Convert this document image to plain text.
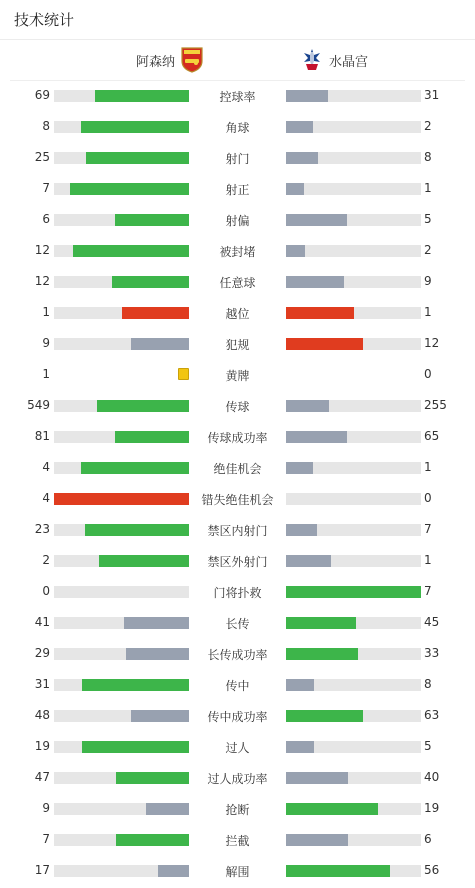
技术统计
阿森纳	水晶宫
69	控球率	31
8	角球	2
25	射门	8
7	射正	1
6	射偏	5
12	被封堵	2
12	任意球	9
1	越位	1
9	犯规	12
1	黄牌	0
549	传球	255
81	传球成功率	65
4	绝佳机会	1
4	错失绝佳机会	0
23	禁区内射门	7
2	禁区外射门	1
0	门将扑救	7
41	长传	45
29	长传成功率	33
31	传中	8
48	传中成功率	63
19	过人	5
47	过人成功率	40
9	抢断	19
7	拦截	6
17	解围	56
